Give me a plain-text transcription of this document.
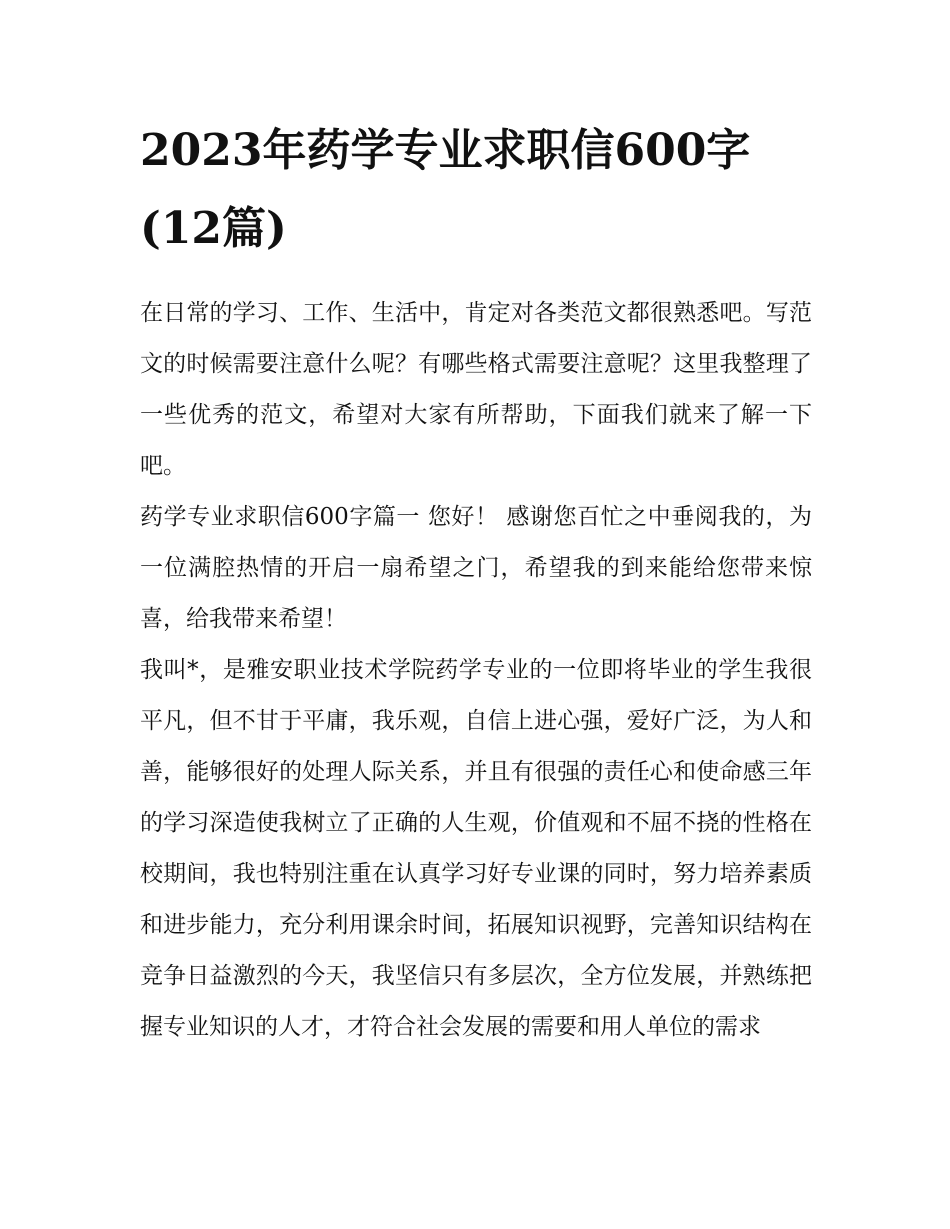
2023年药学专业求职信600字(12篇)

在日常的学习、工作、生活中，肯定对各类范文都很熟悉吧。写范文的时候需要注意什么呢？有哪些格式需要注意呢？这里我整理了一些优秀的范文，希望对大家有所帮助，下面我们就来了解一下吧。

药学专业求职信600字篇一 您好！ 感谢您百忙之中垂阅我的，为一位满腔热情的开启一扇希望之门，希望我的到来能给您带来惊喜，给我带来希望！

我叫*，是雅安职业技术学院药学专业的一位即将毕业的学生我很平凡，但不甘于平庸，我乐观，自信上进心强，爱好广泛，为人和善，能够很好的处理人际关系，并且有很强的责任心和使命感三年的学习深造使我树立了正确的人生观，价值观和不屈不挠的性格在校期间，我也特别注重在认真学习好专业课的同时，努力培养素质和进步能力，充分利用课余时间，拓展知识视野，完善知识结构在竞争日益激烈的今天，我坚信只有多层次，全方位发展，并熟练把握专业知识的人才，才符合社会发展的需要和用人单位的需求
